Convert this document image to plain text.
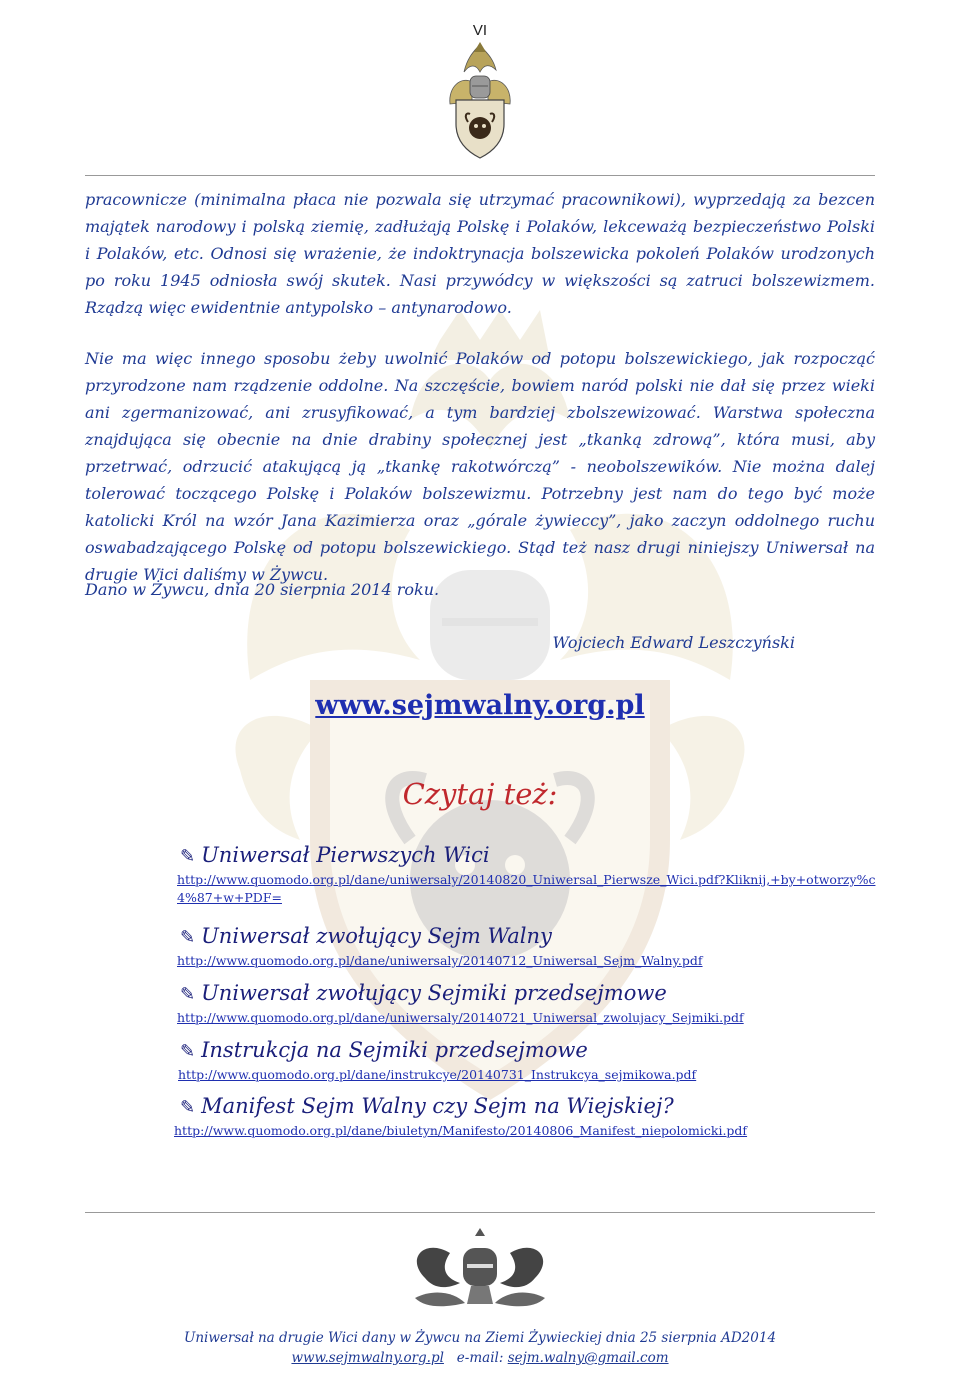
VI

pracownicze (minimalna płaca nie pozwala się utrzymać pracownikowi), wyprzedają za bezcen majątek narodowy i polską ziemię, zadłużają Polskę i Polaków, lekceważą bezpieczeństwo Polski i Polaków, etc. Odnosi się wrażenie, że indoktrynacja bolszewicka pokoleń Polaków urodzonych po roku 1945 odniosła swój skutek. Nasi przywódcy w większości są zatruci bolszewizmem. Rządzą więc ewidentnie antypolsko – antynarodowo.

Nie ma więc innego sposobu żeby uwolnić Polaków od potopu bolszewickiego, jak rozpocząć przyrodzone nam rządzenie oddolne. Na szczęście, bowiem naród polski nie dał się przez wieki ani zgermanizować, ani zrusyfikować, a tym bardziej zbolszewizować. Warstwa społeczna znajdująca się obecnie na dnie drabiny społecznej jest „tkanką zdrową”, która musi, aby przetrwać, odrzucić atakującą ją „tkankę rakotwórczą” - neobolszewików. Nie można dalej tolerować toczącego Polskę i Polaków bolszewizmu. Potrzebny jest nam do tego być może katolicki Król na wzór Jana Kazimierza oraz „górale żywieccy”, jako zaczyn oddolnego ruchu oswabadzającego Polskę od potopu bolszewickiego. Stąd też nasz drugi niniejszy Uniwersał na drugie Wici daliśmy w Żywcu.

Dano w Żywcu, dnia 20 sierpnia 2014 roku.

Wojciech Edward Leszczyński

www.sejmwalny.org.pl

Czytaj też:

✎ Uniwersał Pierwszych Wici
http://www.quomodo.org.pl/dane/uniwersaly/20140820_Uniwersal_Pierwsze_Wici.pdf?Kliknij,+by+otworzy%c4%87+w+PDF=
✎ Uniwersał zwołujący Sejm Walny
http://www.quomodo.org.pl/dane/uniwersaly/20140712_Uniwersal_Sejm_Walny.pdf
✎ Uniwersał zwołujący Sejmiki przedsejmowe
http://www.quomodo.org.pl/dane/uniwersaly/20140721_Uniwersal_zwolujacy_Sejmiki.pdf
✎ Instrukcja na Sejmiki przedsejmowe
http://www.quomodo.org.pl/dane/instrukcye/20140731_Instrukcya_sejmikowa.pdf
✎ Manifest Sejm Walny czy Sejm na Wiejskiej?
http://www.quomodo.org.pl/dane/biuletyn/Manifesto/20140806_Manifest_niepolomicki.pdf

Uniwersał na drugie Wici dany w Żywcu na Ziemi Żywieckiej dnia 25 sierpnia AD2014

www.sejmwalny.org.pl e-mail: sejm.walny@gmail.com
